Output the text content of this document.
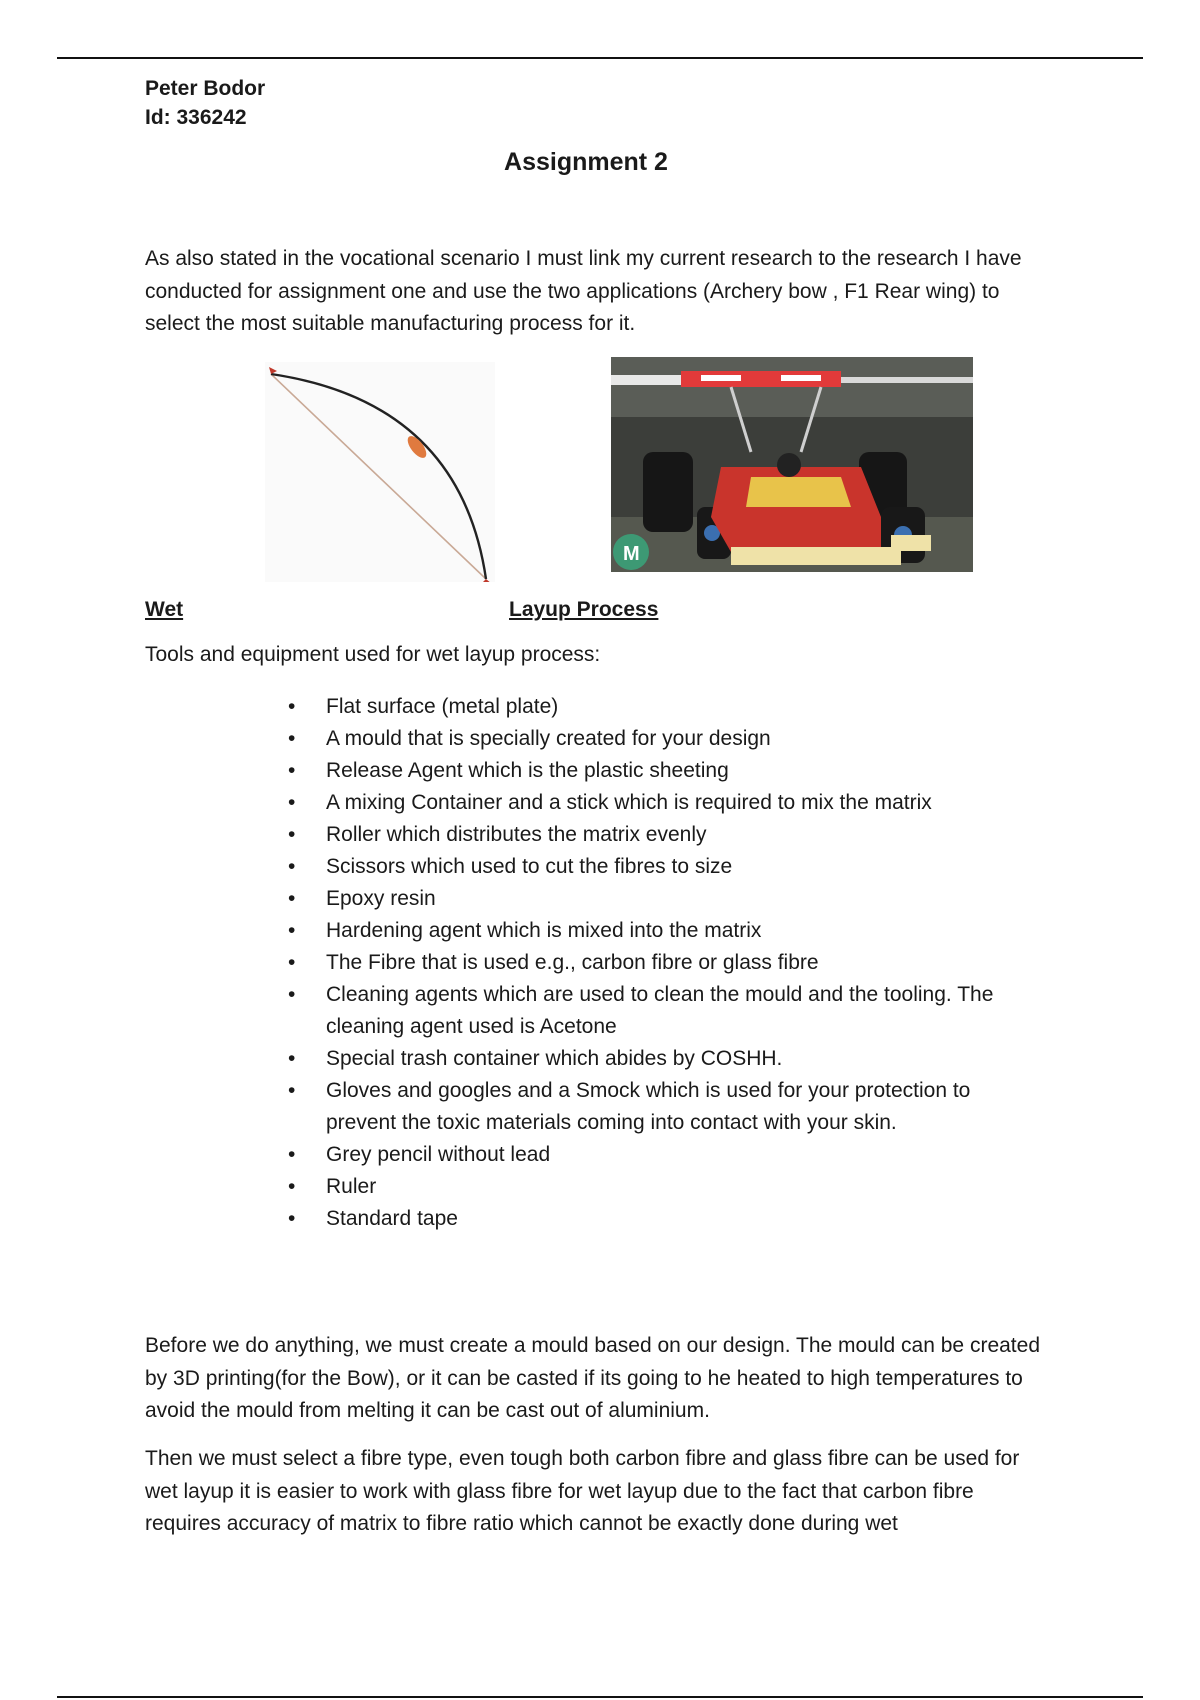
Peter Bodor
Id: 336242
Assignment 2
As also stated in the vocational scenario I must link my current research to the research I have conducted for assignment one and use the two applications (Archery bow , F1 Rear wing) to select the most suitable manufacturing process for it.
M
Wet	Layup Process
Tools and equipment used for wet layup process:
• Flat surface (metal plate)
• A mould that is specially created for your design
• Release Agent which is the plastic sheeting
• A mixing Container and a stick which is required to mix the matrix
• Roller which distributes the matrix evenly
• Scissors which used to cut the fibres to size
• Epoxy resin
• Hardening agent which is mixed into the matrix
• The Fibre that is used e.g., carbon fibre or glass fibre
• Cleaning agents which are used to clean the mould and the tooling. The cleaning agent used is Acetone
• Special trash container which abides by COSHH.
• Gloves and googles and a Smock which is used for your protection to prevent the toxic materials coming into contact with your skin.
• Grey pencil without lead
• Ruler
• Standard tape
Before we do anything, we must create a mould based on our design. The mould can be created by 3D printing(for the Bow), or it can be casted if its going to he heated to high temperatures to avoid the mould from melting it can be cast out of aluminium.
Then we must select a fibre type, even tough both carbon fibre and glass fibre can be used for wet layup it is easier to work with glass fibre for wet layup due to the fact that carbon fibre requires accuracy of matrix to fibre ratio which cannot be exactly done during wet
